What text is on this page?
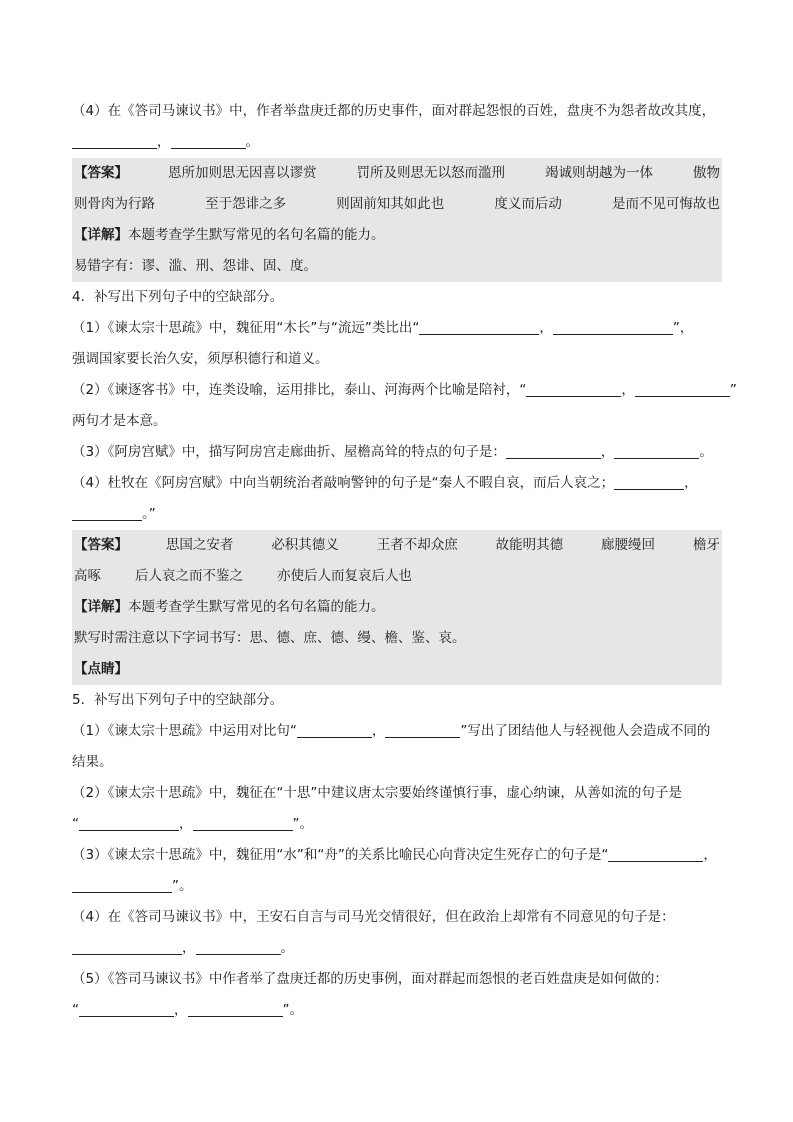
（4）在《答司马谏议书》中，作者举盘庚迁都的历史事件，面对群起怨恨的百姓，盘庚不为怨者故改其度，
，	。
【答案】	恩所加则思无因喜以谬赏	罚所及则思无以怒而滥刑	竭诚则胡越为一体	傲物
则骨肉为行路	至于怨诽之多	则固前知其如此也	度义而后动	是而不见可悔故也
【详解】本题考查学生默写常见的名句名篇的能力。
易错字有：谬、滥、刑、怨诽、固、度。
4．补写出下列句子中的空缺部分。
（1）《谏太宗十思疏》中，魏征用“木长”与“流远”类比出“	，	”，
强调国家要长治久安，须厚积德行和道义。
（2）《谏逐客书》中，连类设喻，运用排比，泰山、河海两个比喻是陪衬，“	，	”
两句才是本意。
（3）《阿房宫赋》中，描写阿房宫走廊曲折、屋檐高耸的特点的句子是：	，	。
（4）杜牧在《阿房宫赋》中向当朝统治者敲响警钟的句子是“秦人不暇自哀，而后人哀之；	，
。”
【答案】	思国之安者	必积其德义	王者不却众庶	故能明其德	廊腰缦回	檐牙
高啄	后人哀之而不鉴之	亦使后人而复哀后人也
【详解】本题考查学生默写常见的名句名篇的能力。
默写时需注意以下字词书写：思、德、庶、德、缦、檐、鉴、哀。
【点睛】
5．补写出下列句子中的空缺部分。
（1）《谏太宗十思疏》中运用对比句“	，	”写出了团结他人与轻视他人会造成不同的
结果。
（2）《谏太宗十思疏》中，魏征在“十思”中建议唐太宗要始终谨慎行事，虚心纳谏，从善如流的句子是
“	，	”。
（3）《谏太宗十思疏》中，魏征用“水”和“舟”的关系比喻民心向背决定生死存亡的句子是“	，
”。
（4）在《答司马谏议书》中，王安石自言与司马光交情很好，但在政治上却常有不同意见的句子是：
，	。
（5）《答司马谏议书》中作者举了盘庚迁都的历史事例，面对群起而怨恨的老百姓盘庚是如何做的：
“	，	”。
